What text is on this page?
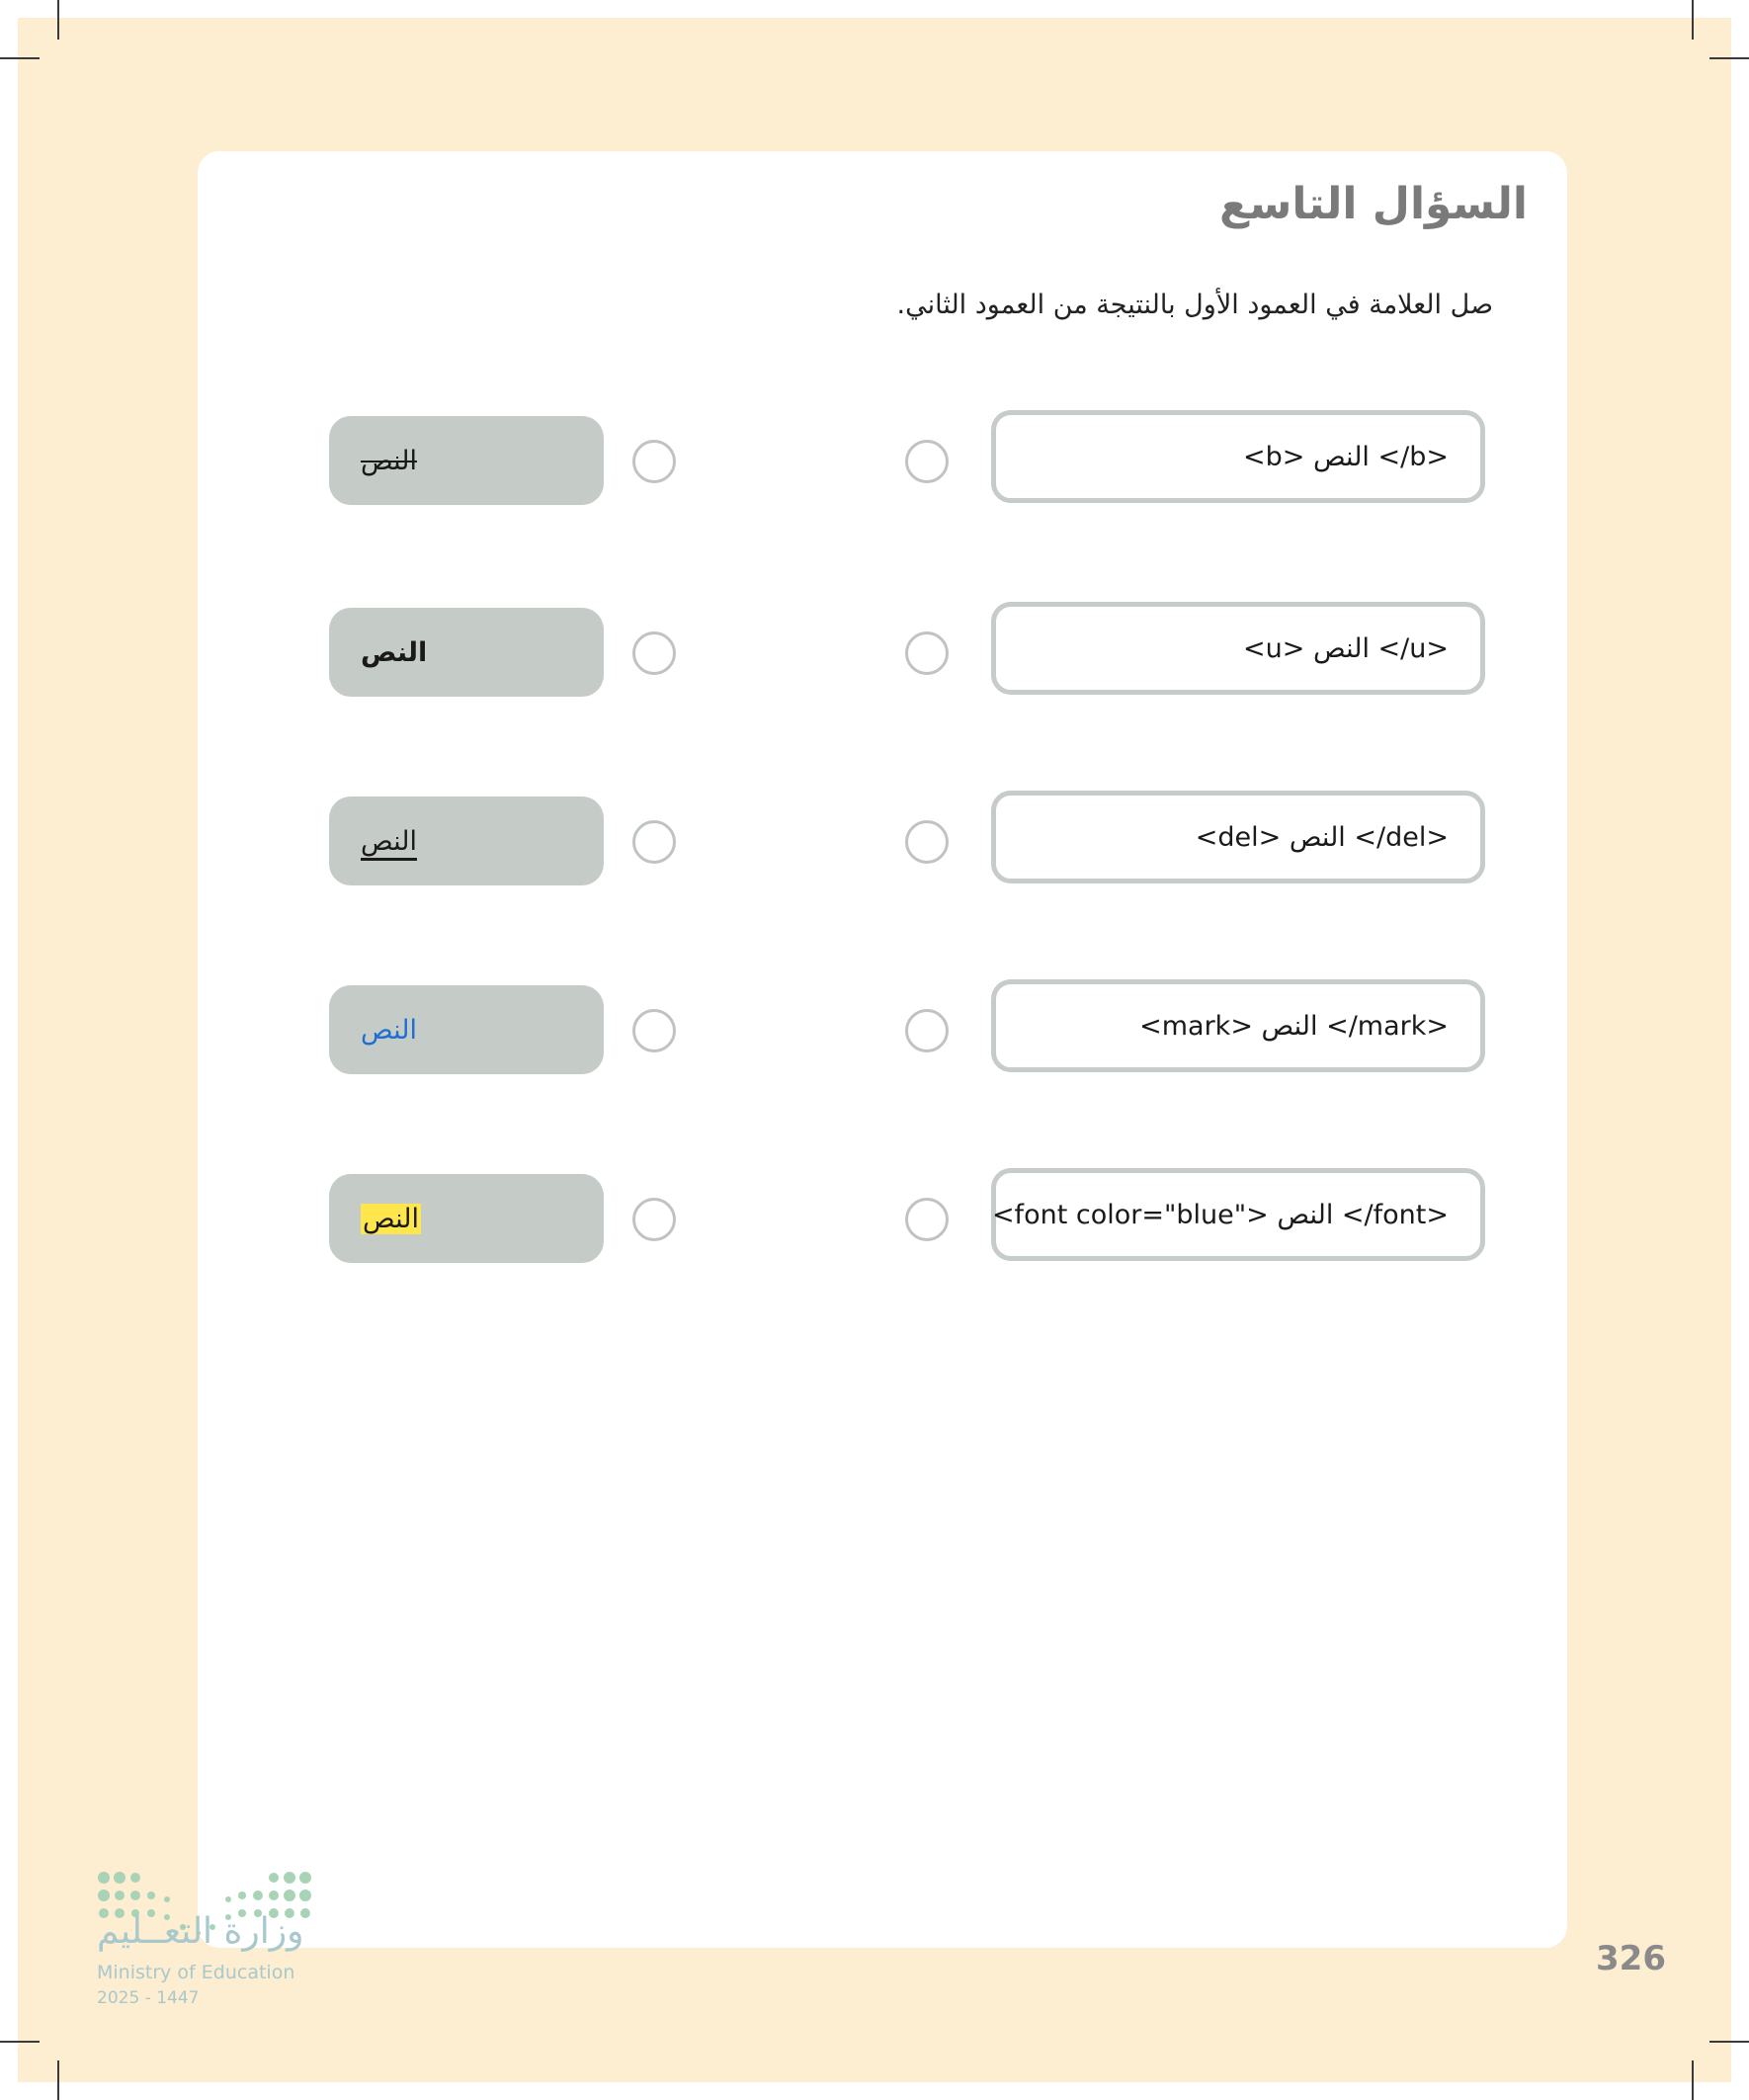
السؤال التاسع

صل العلامة في العمود الأول بالنتيجة من العمود الثاني.

النص	<b> النص </b>
النص	<u> النص </u>
النص	<del> النص </del>
النص	<mark> النص </mark>
النص	<font color="blue"> النص </font>

وزارة التعــليم

Ministry of Education

2025 - 1447

326
